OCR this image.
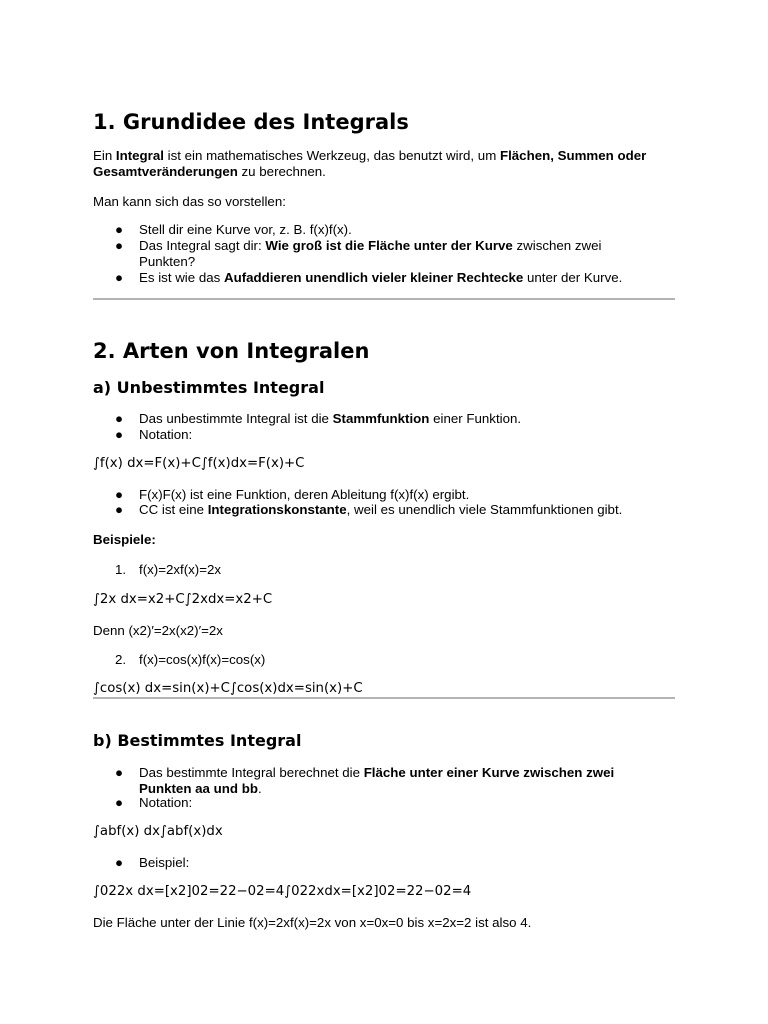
1. Grundidee des Integrals
Ein Integral ist ein mathematisches Werkzeug, das benutzt wird, um Flächen, Summen oder Gesamtveränderungen zu berechnen.
Man kann sich das so vorstellen:
● Stell dir eine Kurve vor, z. B. f(x)f(x).
● Das Integral sagt dir: Wie groß ist die Fläche unter der Kurve zwischen zwei Punkten?
● Es ist wie das Aufaddieren unendlich vieler kleiner Rechtecke unter der Kurve.
2. Arten von Integralen
a) Unbestimmtes Integral
● Das unbestimmte Integral ist die Stammfunktion einer Funktion.
● Notation:
∫f(x) dx=F(x)+C∫f(x)dx=F(x)+C
● F(x)F(x) ist eine Funktion, deren Ableitung f(x)f(x) ergibt.
● CC ist eine Integrationskonstante, weil es unendlich viele Stammfunktionen gibt.
Beispiele:
1. f(x)=2xf(x)=2x
∫2x dx=x2+C∫2xdx=x2+C
Denn (x2)′=2x(x2)′=2x
2. f(x)=cos(x)f(x)=cos(x)
∫cos(x) dx=sin(x)+C∫cos(x)dx=sin(x)+C
b) Bestimmtes Integral
● Das bestimmte Integral berechnet die Fläche unter einer Kurve zwischen zwei Punkten aa und bb.
● Notation:
∫abf(x) dx∫abf(x)dx
● Beispiel:
∫022x dx=[x2]02=22−02=4∫022xdx=[x2]02=22−02=4
Die Fläche unter der Linie f(x)=2xf(x)=2x von x=0x=0 bis x=2x=2 ist also 4.
